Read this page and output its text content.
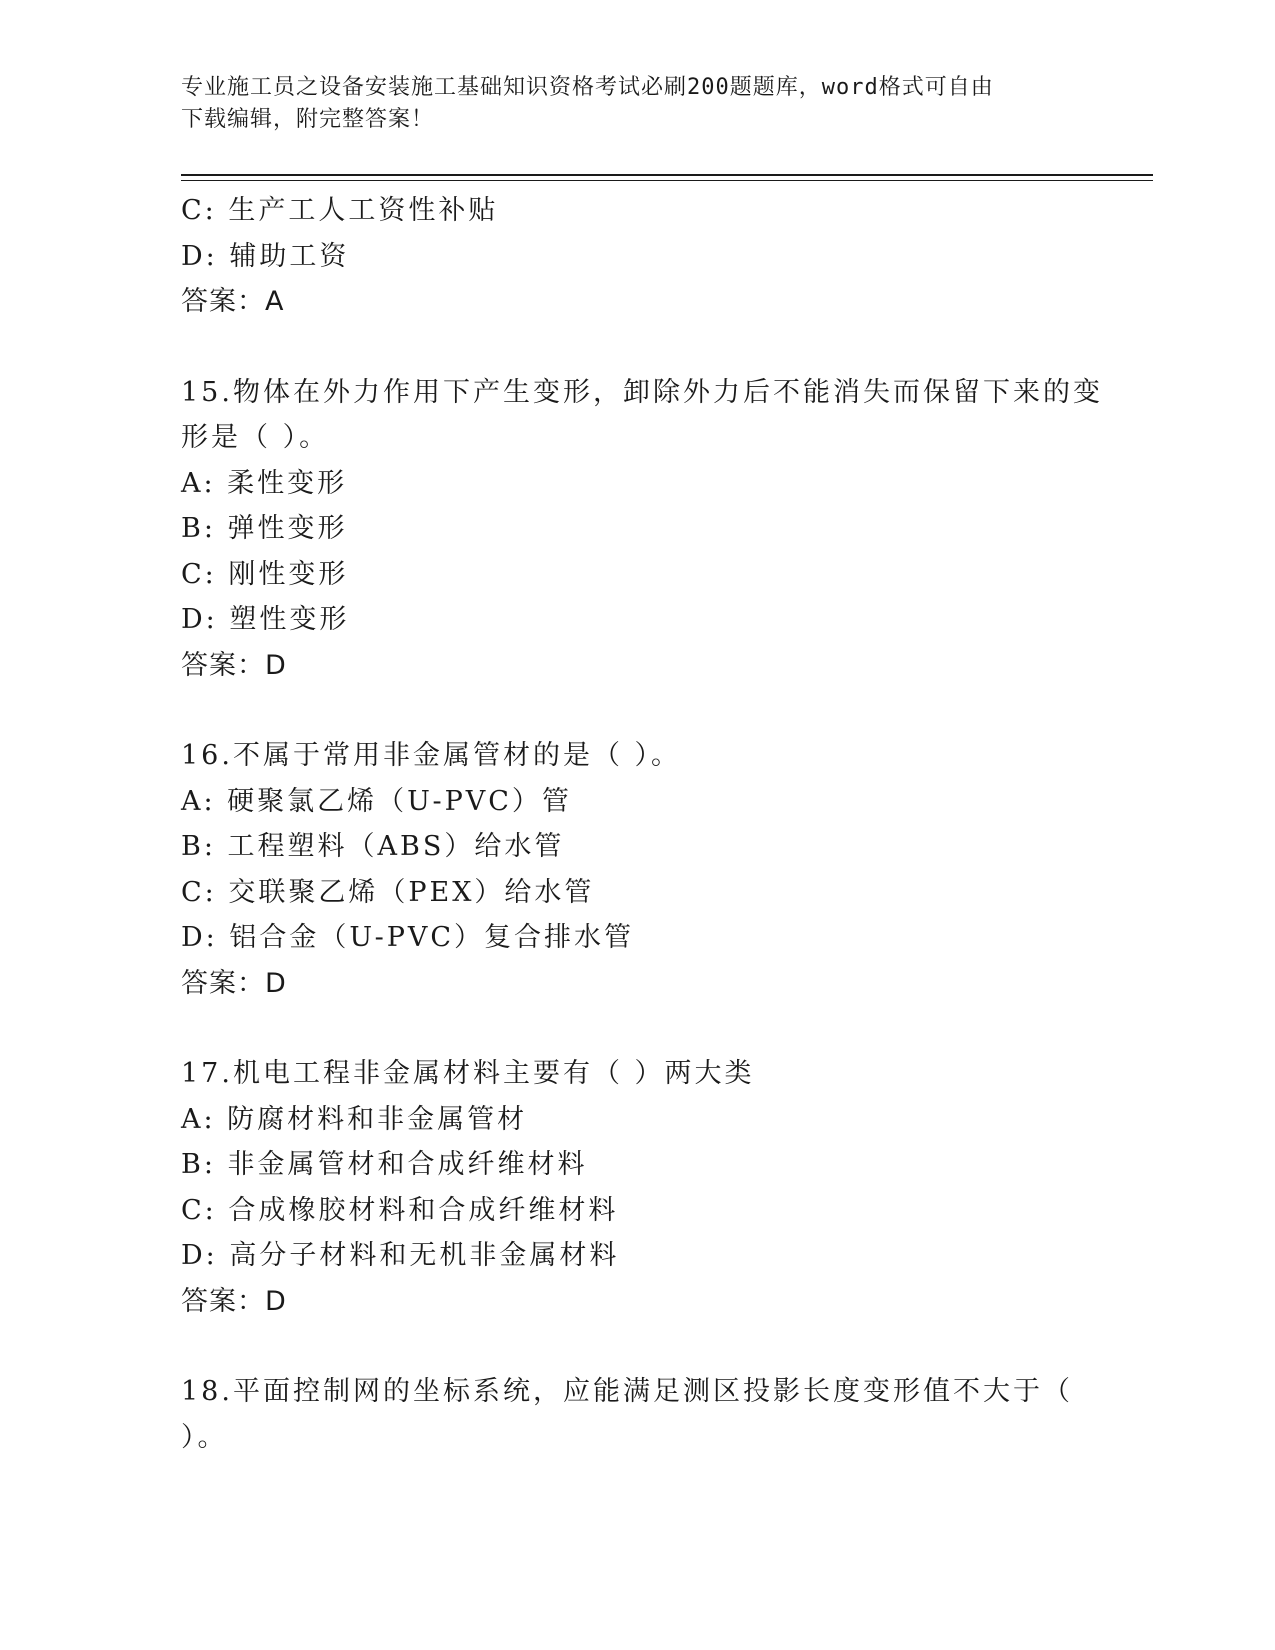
专业施工员之设备安装施工基础知识资格考试必刷200题题库，word格式可自由
下载编辑，附完整答案！
C: 生产工人工资性补贴
D: 辅助工资
答案：A
15.物体在外力作用下产生变形，卸除外力后不能消失而保留下来的变
形是（ ）。
A: 柔性变形
B: 弹性变形
C: 刚性变形
D: 塑性变形
答案：D
16.不属于常用非金属管材的是（ ）。
A: 硬聚氯乙烯（U-PVC）管
B: 工程塑料（ABS）给水管
C: 交联聚乙烯（PEX）给水管
D: 铝合金（U-PVC）复合排水管
答案：D
17.机电工程非金属材料主要有（ ）两大类
A: 防腐材料和非金属管材
B: 非金属管材和合成纤维材料
C: 合成橡胶材料和合成纤维材料
D: 高分子材料和无机非金属材料
答案：D
18.平面控制网的坐标系统，应能满足测区投影长度变形值不大于（
）。
